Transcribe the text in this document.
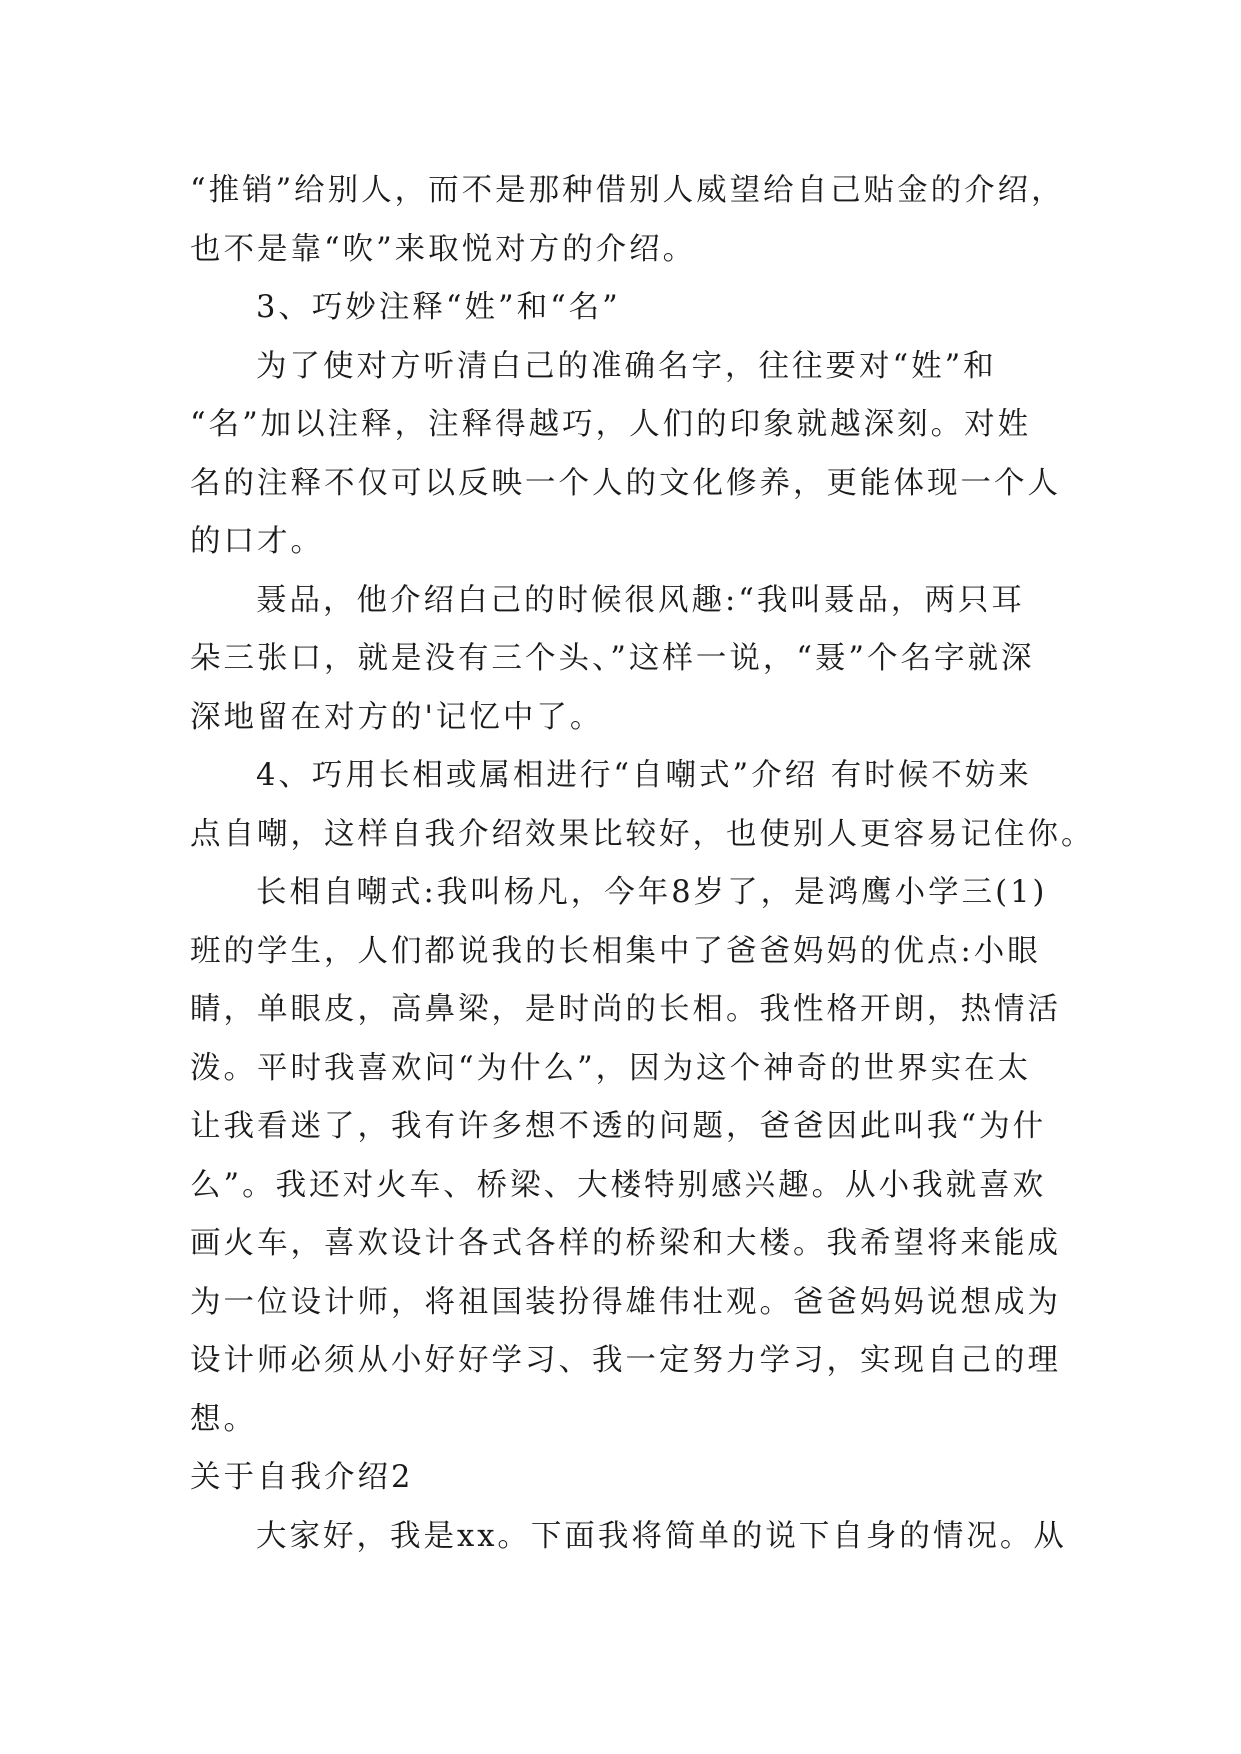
“推销”给别人，而不是那种借别人威望给自己贴金的介绍，
也不是靠“吹”来取悦对方的介绍。
3、巧妙注释“姓”和“名”
为了使对方听清白己的准确名字，往往要对“姓”和
“名”加以注释，注释得越巧，人们的印象就越深刻。对姓
名的注释不仅可以反映一个人的文化修养，更能体现一个人
的口才。
聂品，他介绍白己的时候很风趣:“我叫聂品，两只耳
朵三张口，就是没有三个头、”这样一说，“聂”个名字就深
深地留在对方的'记忆中了。
4、巧用长相或属相进行“自嘲式”介绍 有时候不妨来
点自嘲，这样自我介绍效果比较好，也使别人更容易记住你。
长相自嘲式:我叫杨凡，今年8岁了，是鸿鹰小学三(1)
班的学生，人们都说我的长相集中了爸爸妈妈的优点:小眼
睛，单眼皮，高鼻梁，是时尚的长相。我性格开朗，热情活
泼。平时我喜欢问“为什么”，因为这个神奇的世界实在太
让我看迷了，我有许多想不透的问题，爸爸因此叫我“为什
么”。我还对火车、桥梁、大楼特别感兴趣。从小我就喜欢
画火车，喜欢设计各式各样的桥梁和大楼。我希望将来能成
为一位设计师，将祖国装扮得雄伟壮观。爸爸妈妈说想成为
设计师必须从小好好学习、我一定努力学习，实现自己的理
想。
关于自我介绍2
大家好，我是xx。下面我将简单的说下自身的情况。从
